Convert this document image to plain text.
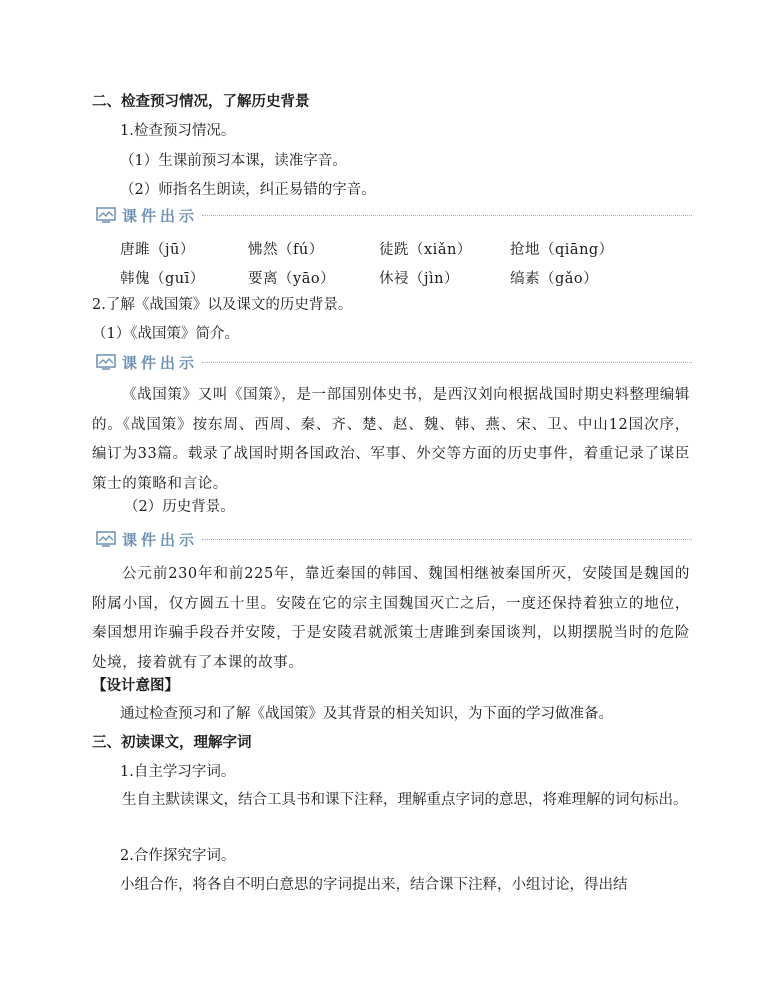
二、检查预习情况，了解历史背景
1.检查预习情况。
（1）生课前预习本课，读准字音。
（2）师指名生朗读，纠正易错的字音。
课件出示
唐雎（jū）	怫然（fú）	徒跣（xiǎn）	抢地（qiāng）
韩傀（guī）	要离（yāo）	休祲（jìn）	缟素（gǎo）
2.了解《战国策》以及课文的历史背景。
（1）《战国策》简介。
课件出示
《战国策》又叫《国策》，是一部国别体史书，是西汉刘向根据战国时期史料整理编辑的。《战国策》按东周、西周、秦、齐、楚、赵、魏、韩、燕、宋、卫、中山12国次序，编订为33篇。载录了战国时期各国政治、军事、外交等方面的历史事件，着重记录了谋臣策士的策略和言论。
（2）历史背景。
课件出示
公元前230年和前225年，靠近秦国的韩国、魏国相继被秦国所灭，安陵国是魏国的附属小国，仅方圆五十里。安陵在它的宗主国魏国灭亡之后，一度还保持着独立的地位，秦国想用诈骗手段吞并安陵，于是安陵君就派策士唐雎到秦国谈判，以期摆脱当时的危险处境，接着就有了本课的故事。
【设计意图】
通过检查预习和了解《战国策》及其背景的相关知识，为下面的学习做准备。
三、初读课文，理解字词
1.自主学习字词。
生自主默读课文，结合工具书和课下注释，理解重点字词的意思，将难理解的词句标出。
2.合作探究字词。
小组合作，将各自不明白意思的字词提出来，结合课下注释，小组讨论，得出结
